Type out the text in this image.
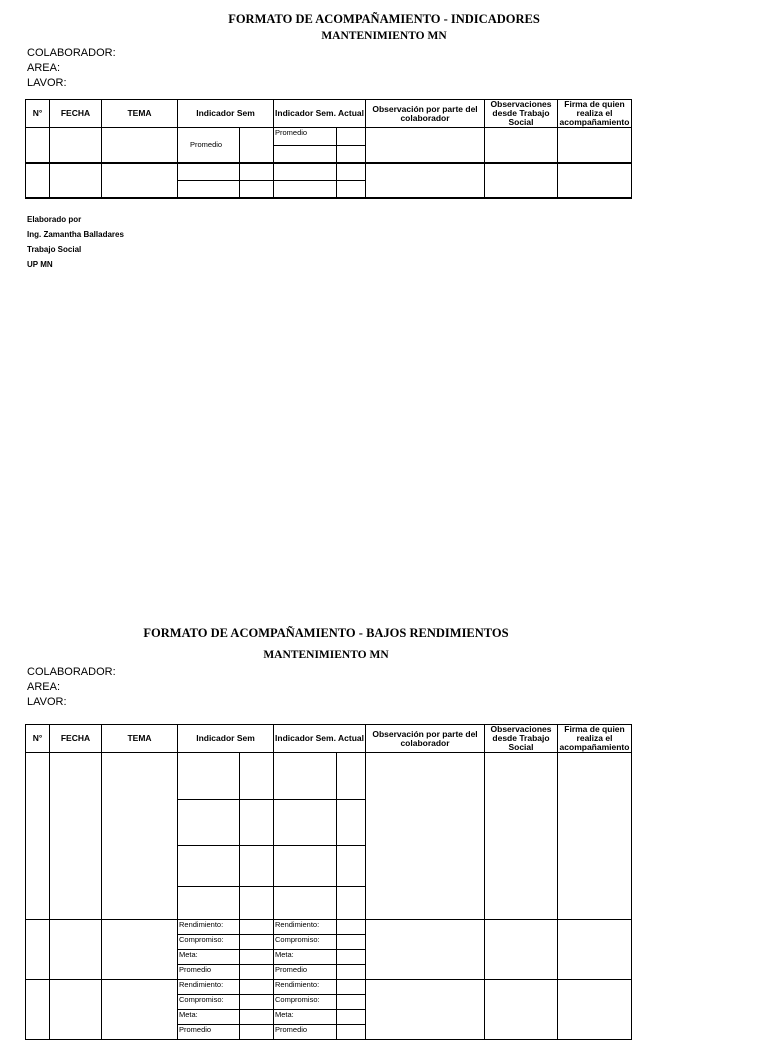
FORMATO DE ACOMPAÑAMIENTO - INDICADORES
MANTENIMIENTO MN
COLABORADOR:
AREA:
LAVOR:
N°	FECHA	TEMA	Indicador Sem		Indicador Sem. Actual		Observación por parte del colaborador	Observaciones desde Trabajo Social	Firma de quien realiza el acompañamiento
			Promedio		Promedio				

Elaborado por
Ing. Zamantha Balladares
Trabajo Social
UP MN
FORMATO DE ACOMPAÑAMIENTO - BAJOS RENDIMIENTOS
MANTENIMIENTO MN
COLABORADOR:
AREA:
LAVOR:
N°	FECHA	TEMA	Indicador Sem		Indicador Sem. Actual		Observación por parte del colaborador	Observaciones desde Trabajo Social	Firma de quien realiza el acompañamiento

			Rendimiento:		Rendimiento:				
			Compromiso:		Compromiso:				
			Meta:		Meta:				
			Promedio		Promedio				
			Rendimiento:		Rendimiento:				
			Compromiso:		Compromiso:				
			Meta:		Meta:				
			Promedio		Promedio				
